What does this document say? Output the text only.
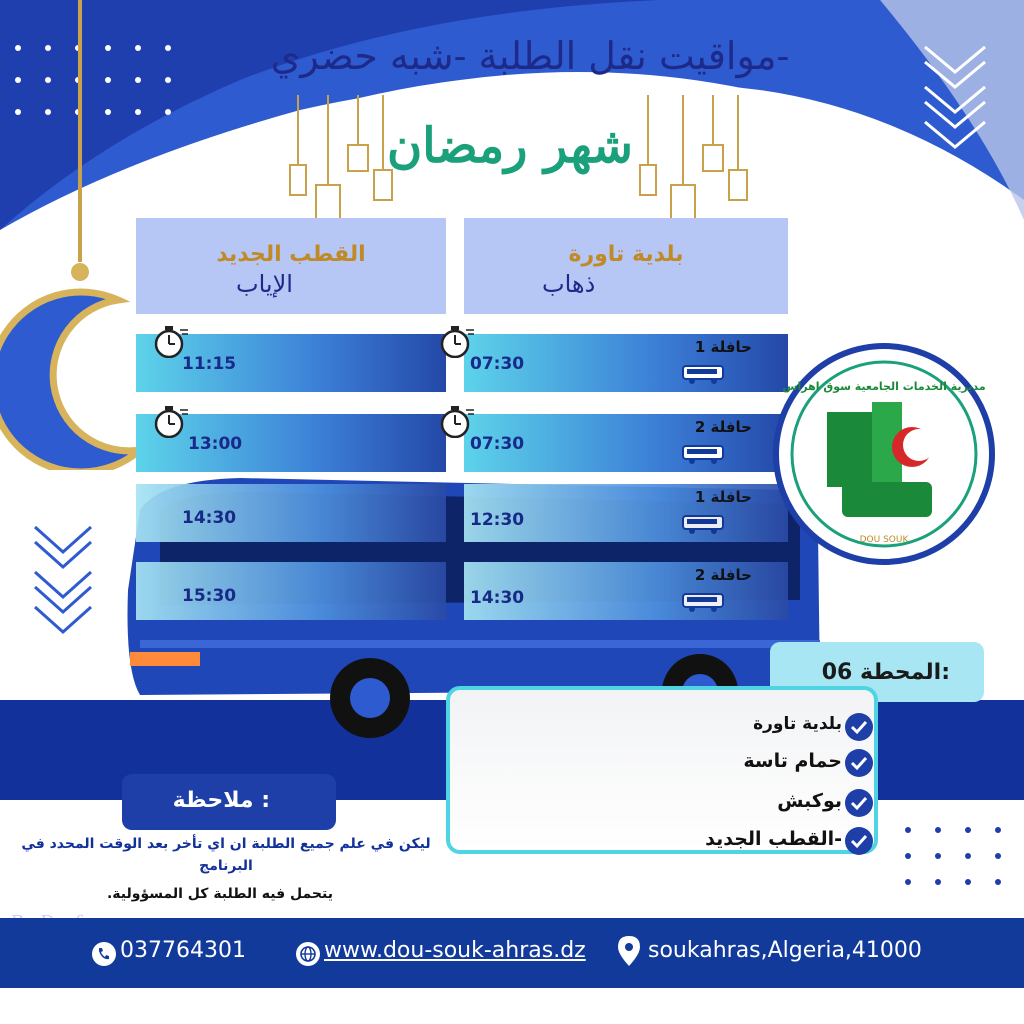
مواقيت نقل الطلبة -شبه حضري-
شهر رمضان
القطب الجديد
الإياب
بلدية تاورة
ذهاب
11:15	07:30
حافلة 1
13:00	07:30
حافلة 2
14:30	12:30
حافلة 1
15:30	14:30
حافلة 2
DOU SOUK
مديرية الخدمات الجامعية سوق اهراس
المحطة 06:
بلدية تاورة
حمام تاسة
بوكبش
القطب الجديد-
ملاحظة :
ليكن في علم جميع الطلبة ان اي تأخر بعد الوقت المحدد في
البرنامج
يتحمل فيه الطلبة كل المسؤولية.
037764301	www.dou-souk-ahras.dz	soukahras,Algeria,41000
